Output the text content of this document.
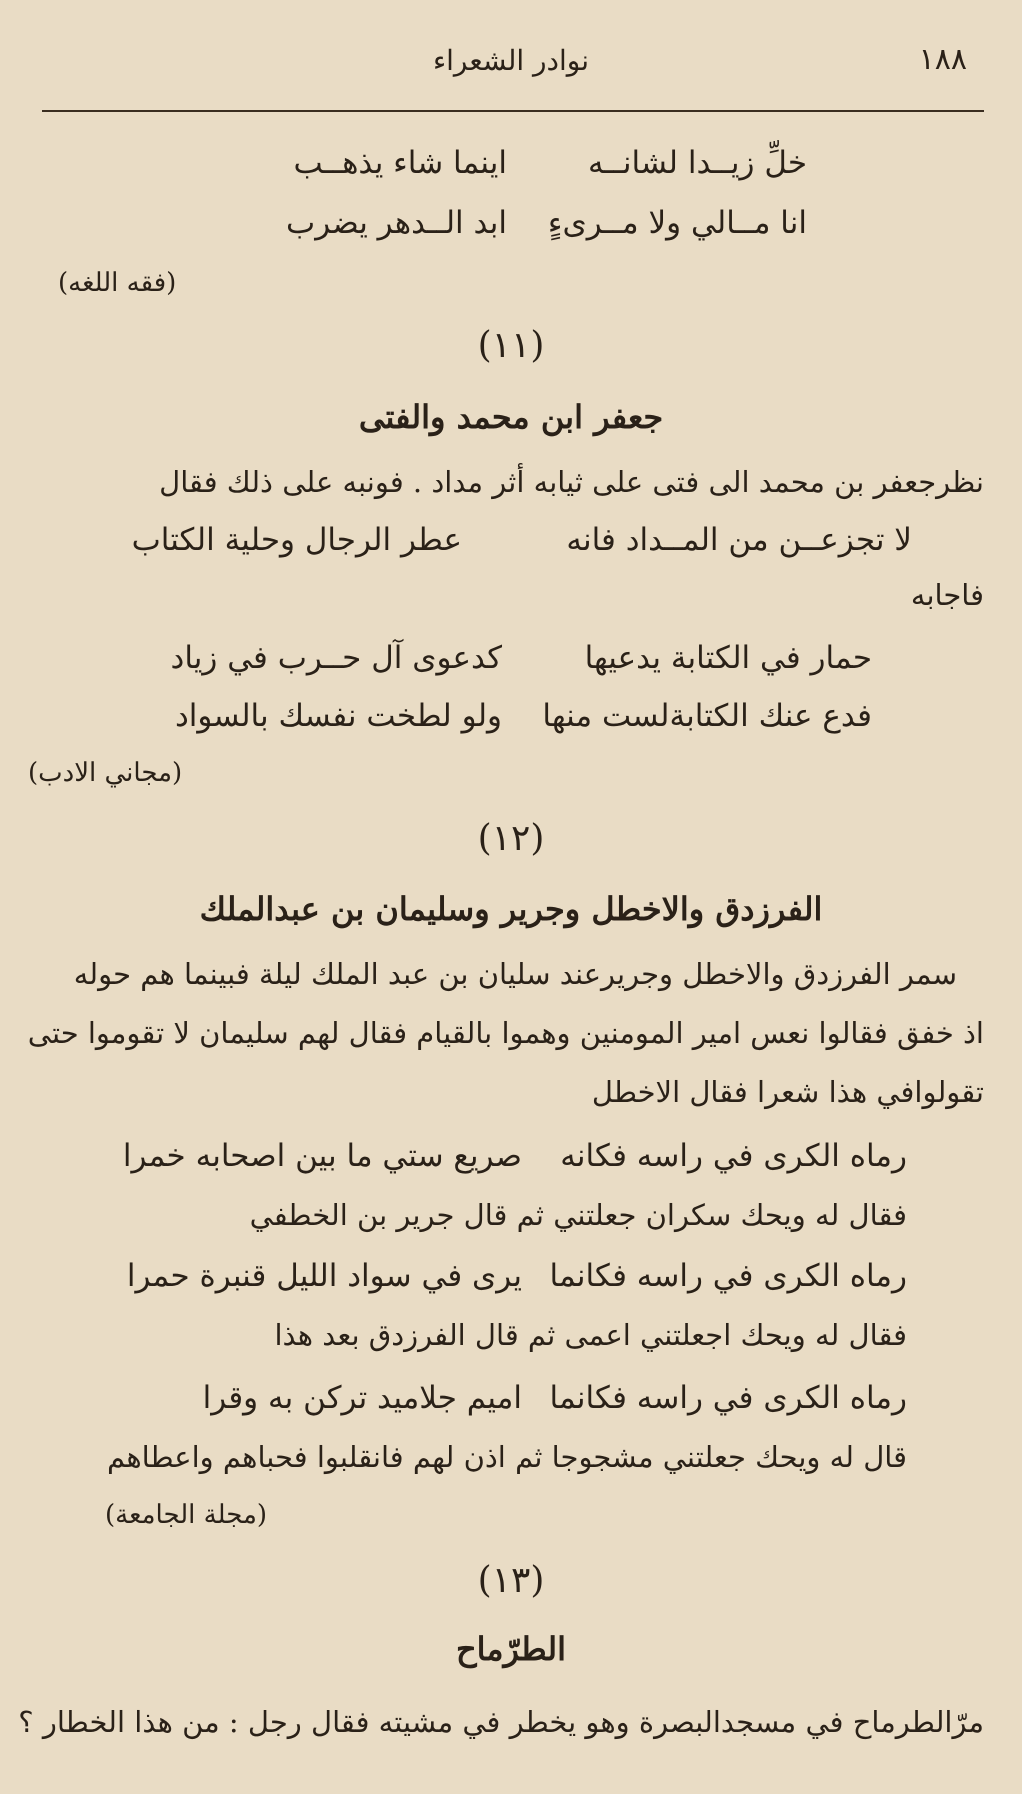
١٨٨
نوادر الشعراء
خلِّ زيــدا لشانــه
اينما شاء يذهــب
انا مــالي ولا مــرىءٍ
ابد الــدهر يضرب
(فقه اللغه)
(١١)
جعفر ابن محمد والفتى
نظرجعفر بن محمد الى فتى على ثيابه أثر مداد . فونبه على ذلك فقال
لا تجزعــن من المــداد فانه
عطر الرجال وحلية الكتاب
فاجابه
حمار في الكتابة يدعيها
كدعوى آل حــرب في زياد
فدع عنك الكتابةلست منها
ولو لطخت نفسك بالسواد
(مجاني الادب)
(١٢)
الفرزدق والاخطل وجرير وسليمان بن عبدالملك
سمر الفرزدق والاخطل وجريرعند سليان بن عبد الملك ليلة فبينما هم حوله
اذ خفق فقالوا نعس امير المومنين وهموا بالقيام فقال لهم سليمان لا تقوموا حتى
تقولوافي هذا شعرا فقال الاخطل
رماه الكرى في راسه فكانه
صريع ستي ما بين اصحابه خمرا
فقال له ويحك سكران جعلتني ثم قال جرير بن الخطفي
رماه الكرى في راسه فكانما
يرى في سواد الليل قنبرة حمرا
فقال له ويحك اجعلتني اعمى ثم قال الفرزدق بعد هذا
رماه الكرى في راسه فكانما
اميم جلاميد تركن به وقرا
قال له ويحك جعلتني مشجوجا ثم اذن لهم فانقلبوا فحباهم واعطاهم
(مجلة الجامعة)
(١٣)
الطرّماح
مرّالطرماح في مسجدالبصرة وهو يخطر في مشيته فقال رجل : من هذا الخطار ؟
